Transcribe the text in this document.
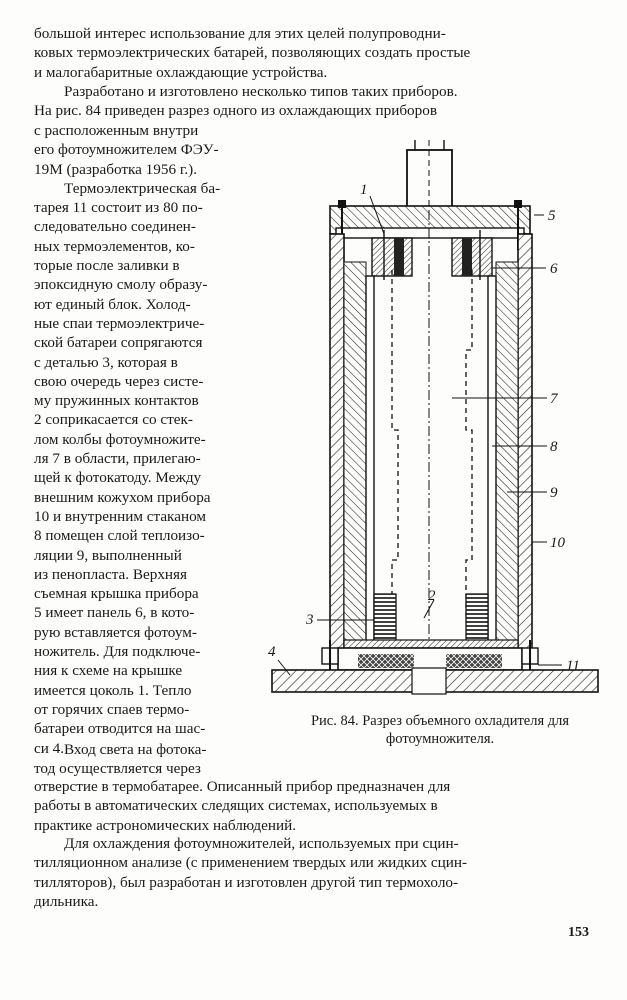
большой интерес использование для этих целей полупроводни-
ковых термоэлектрических батарей, позволяющих создать простые
и малогабаритные охлаждающие устройства.

Разработано и изготовлено несколько типов таких приборов.
На рис. 84 приведен разрез одного из охлаждающих приборов

с расположенным внутри
его фотоумножителем ФЭУ-
19М (разработка 1956 г.).
Термоэлектрическая ба-
тарея 11 состоит из 80 по-
следовательно соединен-
ных термоэлементов, ко-
торые после заливки в
эпоксидную смолу образу-
ют единый блок. Холод-
ные спаи термоэлектриче-
ской батареи сопрягаются
с деталью 3, которая в
свою очередь через систе-
му пружинных контактов
2 соприкасается со стек-
лом колбы фотоумножите-
ля 7 в области, прилегаю-
щей к фотокатоду. Между
внешним кожухом прибора
10 и внутренним стаканом
8 помещен слой теплоизо-
ляции 9, выполненный
из пенопласта. Верхняя
съемная крышка прибора
5 имеет панель 6, в кото-
рую вставляется фотоум-
ножитель. Для подключе-
ния к схеме на крышке
имеется цоколь 1. Тепло
от горячих спаев термо-
батареи отводится на шас-
си 4. Вход света на фотока-
тод осуществляется через

отверстие в термобатарее. Описанный прибор предназначен для
работы в автоматических следящих системах, используемых в
практике астрономических наблюдений.

Для охлаждения фотоумножителей, используемых при сцин-
тилляционном анализе (с применением твердых или жидких сцин-
тилляторов), был разработан и изготовлен другой тип термохоло-
дильника.

1
5
6
7
8
9
10
2
3
4
11
Рис. 84. Разрез объемного охладителя для
фотоумножителя.
153
